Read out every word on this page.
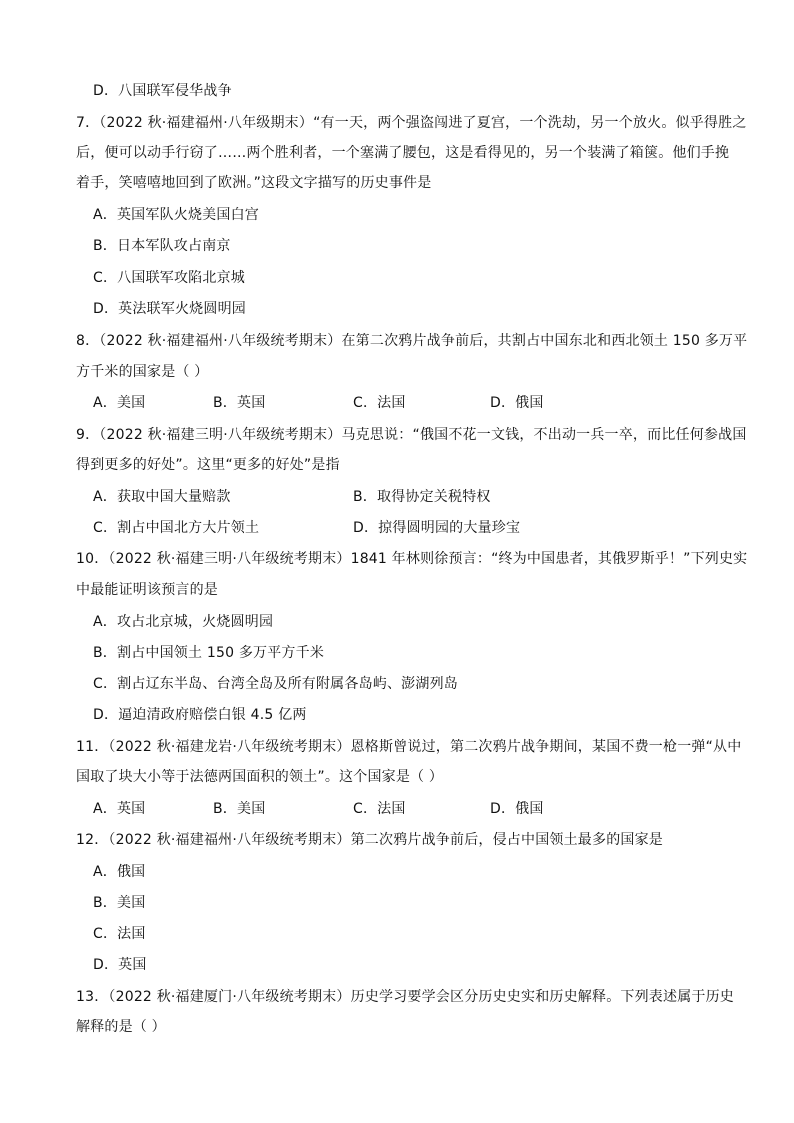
D．八国联军侵华战争
7．（2022 秋·福建福州·八年级期末）“有一天，两个强盗闯进了夏宫，一个洗劫，另一个放火。似乎得胜之
后，便可以动手行窃了……两个胜利者，一个塞满了腰包，这是看得见的，另一个装满了箱箧。他们手挽
着手，笑嘻嘻地回到了欧洲。”这段文字描写的历史事件是
A．英国军队火烧美国白宫
B．日本军队攻占南京
C．八国联军攻陷北京城
D．英法联军火烧圆明园
8．（2022 秋·福建福州·八年级统考期末）在第二次鸦片战争前后，共割占中国东北和西北领土 150 多万平
方千米的国家是（ ）
A．美国	B．英国	C．法国	D．俄国
9．（2022 秋·福建三明·八年级统考期末）马克思说：“俄国不花一文钱，不出动一兵一卒，而比任何参战国
得到更多的好处”。这里“更多的好处”是指
A．获取中国大量赔款	B．取得协定关税特权
C．割占中国北方大片领土	D．掠得圆明园的大量珍宝
10．（2022 秋·福建三明·八年级统考期末）1841 年林则徐预言：“终为中国患者，其俄罗斯乎！”下列史实
中最能证明该预言的是
A．攻占北京城，火烧圆明园
B．割占中国领土 150 多万平方千米
C．割占辽东半岛、台湾全岛及所有附属各岛屿、澎湖列岛
D．逼迫清政府赔偿白银 4.5 亿两
11．（2022 秋·福建龙岩·八年级统考期末）恩格斯曾说过，第二次鸦片战争期间，某国不费一枪一弹“从中
国取了块大小等于法德两国面积的领土”。这个国家是（ ）
A．英国	B．美国	C．法国	D．俄国
12．（2022 秋·福建福州·八年级统考期末）第二次鸦片战争前后，侵占中国领土最多的国家是
A．俄国
B．美国
C．法国
D．英国
13．（2022 秋·福建厦门·八年级统考期末）历史学习要学会区分历史史实和历史解释。下列表述属于历史
解释的是（ ）
